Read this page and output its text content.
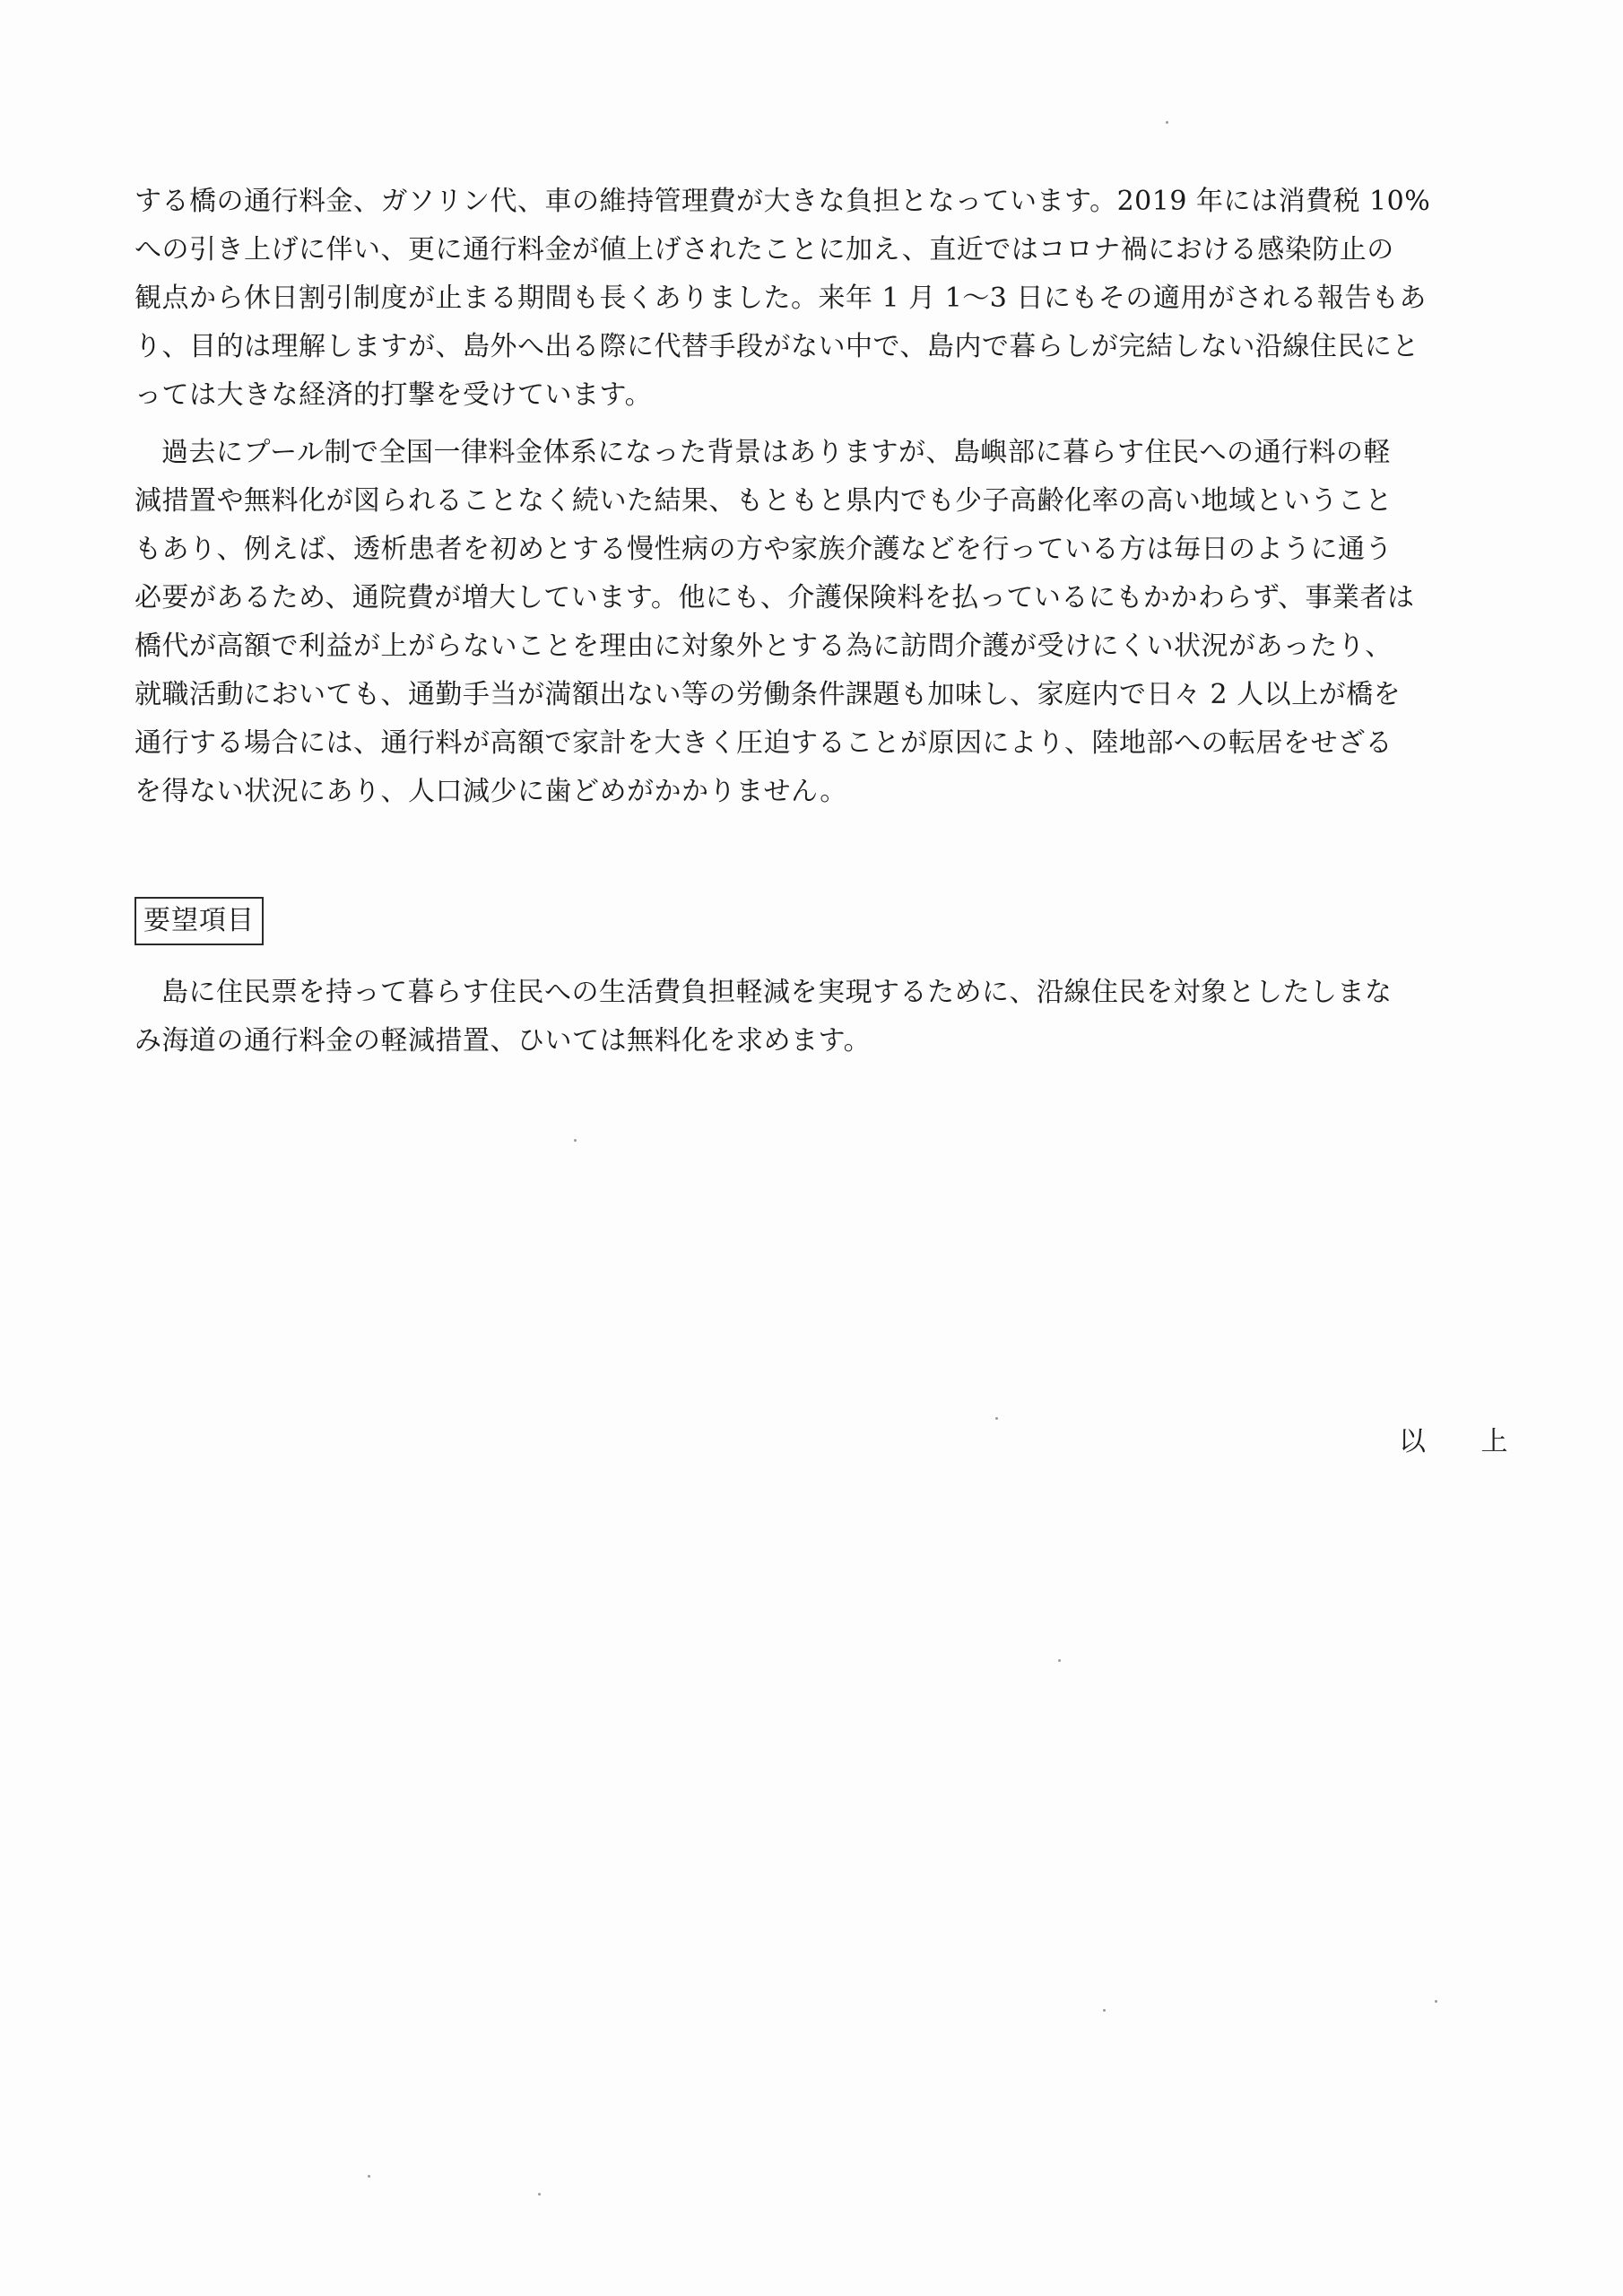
する橋の通行料金、ガソリン代、車の維持管理費が大きな負担となっています。2019 年には消費税 10%
への引き上げに伴い、更に通行料金が値上げされたことに加え、直近ではコロナ禍における感染防止の
観点から休日割引制度が止まる期間も長くありました。来年 1 月 1～3 日にもその適用がされる報告もあ
り、目的は理解しますが、島外へ出る際に代替手段がない中で、島内で暮らしが完結しない沿線住民にと
っては大きな経済的打撃を受けています。
過去にプール制で全国一律料金体系になった背景はありますが、島嶼部に暮らす住民への通行料の軽
減措置や無料化が図られることなく続いた結果、もともと県内でも少子高齢化率の高い地域ということ
もあり、例えば、透析患者を初めとする慢性病の方や家族介護などを行っている方は毎日のように通う
必要があるため、通院費が増大しています。他にも、介護保険料を払っているにもかかわらず、事業者は
橋代が高額で利益が上がらないことを理由に対象外とする為に訪問介護が受けにくい状況があったり、
就職活動においても、通勤手当が満額出ない等の労働条件課題も加味し、家庭内で日々 2 人以上が橋を
通行する場合には、通行料が高額で家計を大きく圧迫することが原因により、陸地部への転居をせざる
を得ない状況にあり、人口減少に歯どめがかかりません。
要望項目
島に住民票を持って暮らす住民への生活費負担軽減を実現するために、沿線住民を対象としたしまな
み海道の通行料金の軽減措置、ひいては無料化を求めます。
以 上
